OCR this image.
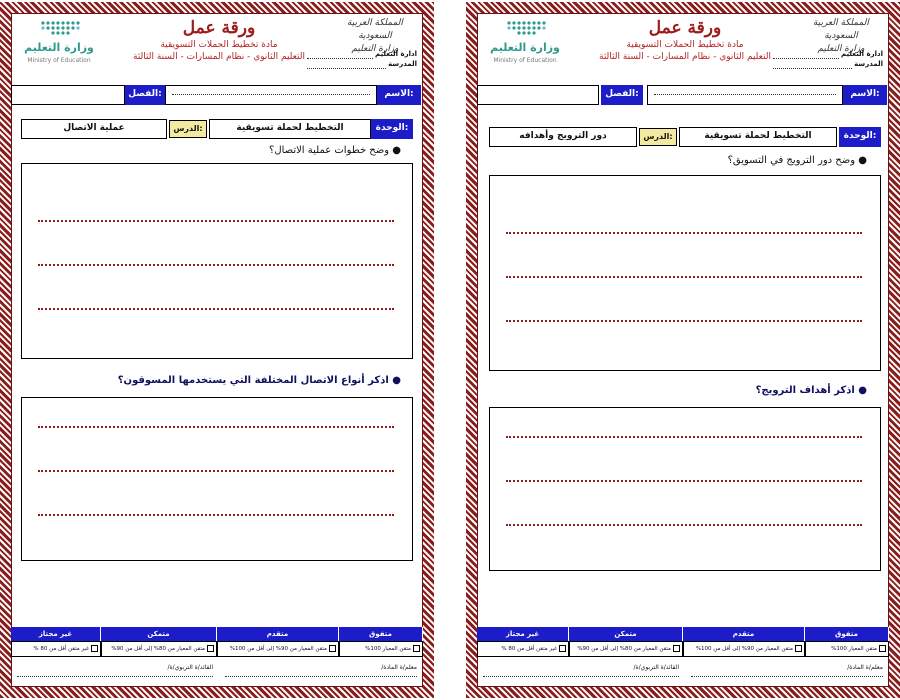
وزارة التعليم
Ministry of Education
ورقة عمل
مادة تخطيط الحملات التسويقية
التعليم الثانوي - نظام المسارات - السنة الثالثة
المملكة العربية السعودية
وزارة التعليم
ادارة التعليم
المدرسة
الاسم:
الفصل:
الوحدة:
التخطيط لحملة تسويقية
الدرس:
عملية الاتصال
● وضح خطوات عملية الاتصال؟
● اذكر أنواع الاتصال المختلفة التي يستخدمها المسوقون؟
غير مجتاز	متمكن	متقدم	متفوق
غير متقن أقل من 80 %	متقن المعيار من 80% إلى أقل من 90%	متقن المعيار من 90% إلى أقل من 100%	متقن المعيار 100%
القائد/ة التربوي/ة/	معلم/ة المادة/
وزارة التعليم
Ministry of Education
ورقة عمل
مادة تخطيط الحملات التسويقية
التعليم الثانوي - نظام المسارات - السنة الثالثة
المملكة العربية السعودية
وزارة التعليم
ادارة التعليم
المدرسة
الاسم:
الفصل:
الوحدة:
التخطيط لحملة تسويقية
الدرس:
دور الترويج وأهدافه
● وضح دور الترويج في التسويق؟
● اذكر أهداف الترويج؟
غير مجتاز	متمكن	متقدم	متفوق
غير متقن أقل من 80 %	متقن المعيار من 80% إلى أقل من 90%	متقن المعيار من 90% إلى أقل من 100%	متقن المعيار 100%
القائد/ة التربوي/ة/	معلم/ة المادة/
